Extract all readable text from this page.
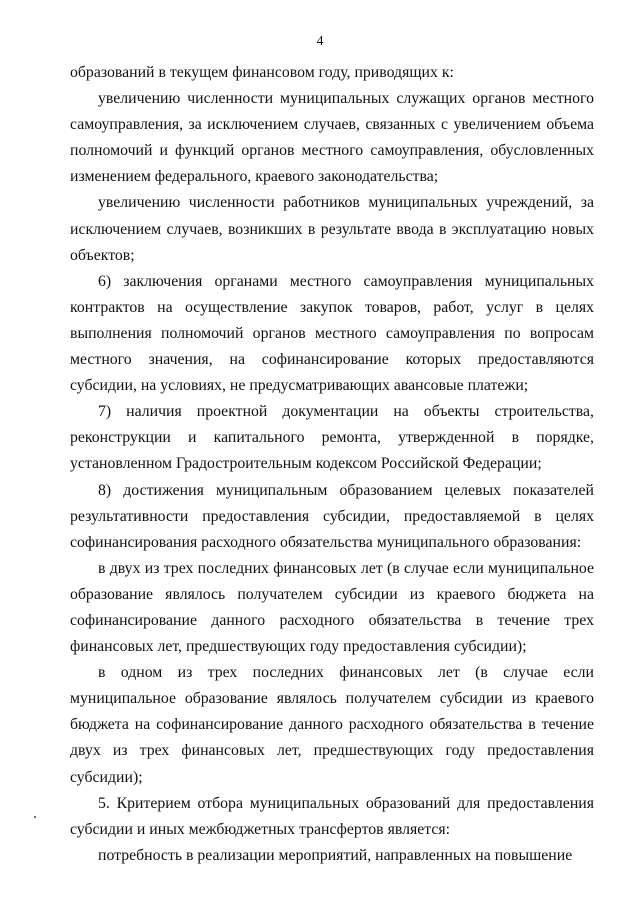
4

образований в текущем финансовом году, приводящих к:

увеличению численности муниципальных служащих органов местного самоуправления, за исключением случаев, связанных с увеличением объема полномочий и функций органов местного самоуправления, обусловленных изменением федерального, краевого законодательства;

увеличению численности работников муниципальных учреждений, за исключением случаев, возникших в результате ввода в эксплуатацию новых объектов;

6) заключения органами местного самоуправления муниципальных контрактов на осуществление закупок товаров, работ, услуг в целях выполнения полномочий органов местного самоуправления по вопросам местного значения, на софинансирование которых предоставляются субсидии, на условиях, не предусматривающих авансовые платежи;

7) наличия проектной документации на объекты строительства, реконструкции и капитального ремонта, утвержденной в порядке, установленном Градостроительным кодексом Российской Федерации;

8) достижения муниципальным образованием целевых показателей результативности предоставления субсидии, предоставляемой в целях софинансирования расходного обязательства муниципального образования:

в двух из трех последних финансовых лет (в случае если муниципальное образование являлось получателем субсидии из краевого бюджета на софинансирование данного расходного обязательства в течение трех финансовых лет, предшествующих году предоставления субсидии);

в одном из трех последних финансовых лет (в случае если муниципальное образование являлось получателем субсидии из краевого бюджета на софинансирование данного расходного обязательства в течение двух из трех финансовых лет, предшествующих году предоставления субсидии);

5. Критерием отбора муниципальных образований для предоставления субсидии и иных межбюджетных трансфертов является:

потребность в реализации мероприятий, направленных на повышение
